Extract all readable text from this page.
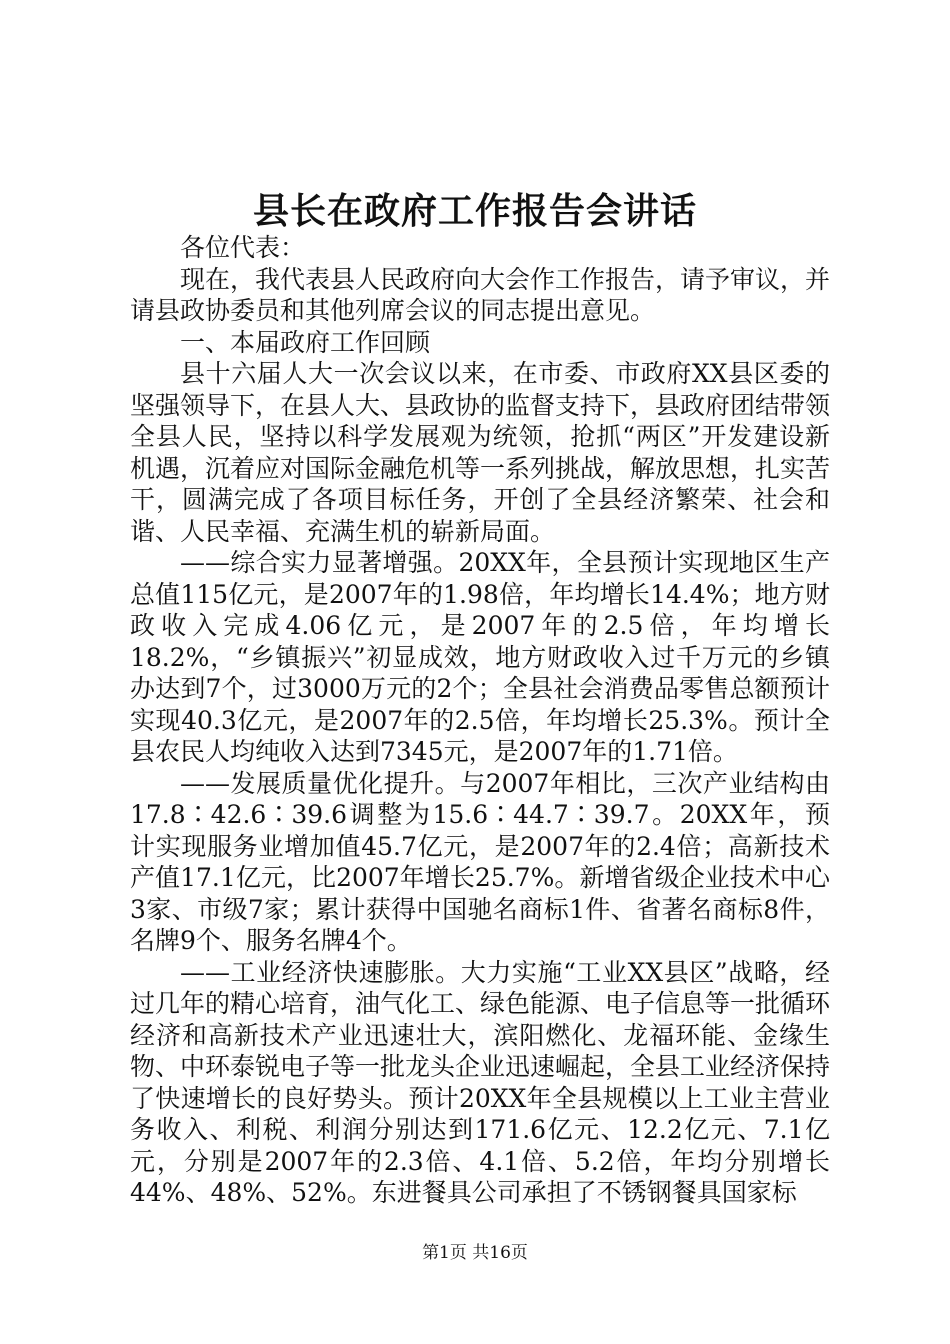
县长在政府工作报告会讲话

各位代表：

现在，我代表县人民政府向大会作工作报告，请予审议，并请县政协委员和其他列席会议的同志提出意见。

一、本届政府工作回顾

县十六届人大一次会议以来，在市委、市政府XX县区委的坚强领导下，在县人大、县政协的监督支持下，县政府团结带领全县人民，坚持以科学发展观为统领，抢抓“两区”开发建设新机遇，沉着应对国际金融危机等一系列挑战，解放思想，扎实苦干，圆满完成了各项目标任务，开创了全县经济繁荣、社会和谐、人民幸福、充满生机的崭新局面。

——综合实力显著增强。20XX年，全县预计实现地区生产总值115亿元，是2007年的1.98倍，年均增长14.4%；地方财政收入完成4.06亿元，是2007年的2.5倍，年均增长18.2%，“乡镇振兴”初显成效，地方财政收入过千万元的乡镇办达到7个，过3000万元的2个；全县社会消费品零售总额预计实现40.3亿元，是2007年的2.5倍，年均增长25.3%。预计全县农民人均纯收入达到7345元，是2007年的1.71倍。

——发展质量优化提升。与2007年相比，三次产业结构由17.8∶42.6∶39.6调整为15.6∶44.7∶39.7。20XX年，预计实现服务业增加值45.7亿元，是2007年的2.4倍；高新技术产值17.1亿元，比2007年增长25.7%。新增省级企业技术中心3家、市级7家；累计获得中国驰名商标1件、省著名商标8件，名牌9个、服务名牌4个。

——工业经济快速膨胀。大力实施“工业XX县区”战略，经过几年的精心培育，油气化工、绿色能源、电子信息等一批循环经济和高新技术产业迅速壮大，滨阳燃化、龙福环能、金缘生物、中环泰锐电子等一批龙头企业迅速崛起，全县工业经济保持了快速增长的良好势头。预计20XX年全县规模以上工业主营业务收入、利税、利润分别达到171.6亿元、12.2亿元、7.1亿元，分别是2007年的2.3倍、4.1倍、5.2倍，年均分别增长44%、48%、52%。东进餐具公司承担了不锈钢餐具国家标

第1页 共16页
